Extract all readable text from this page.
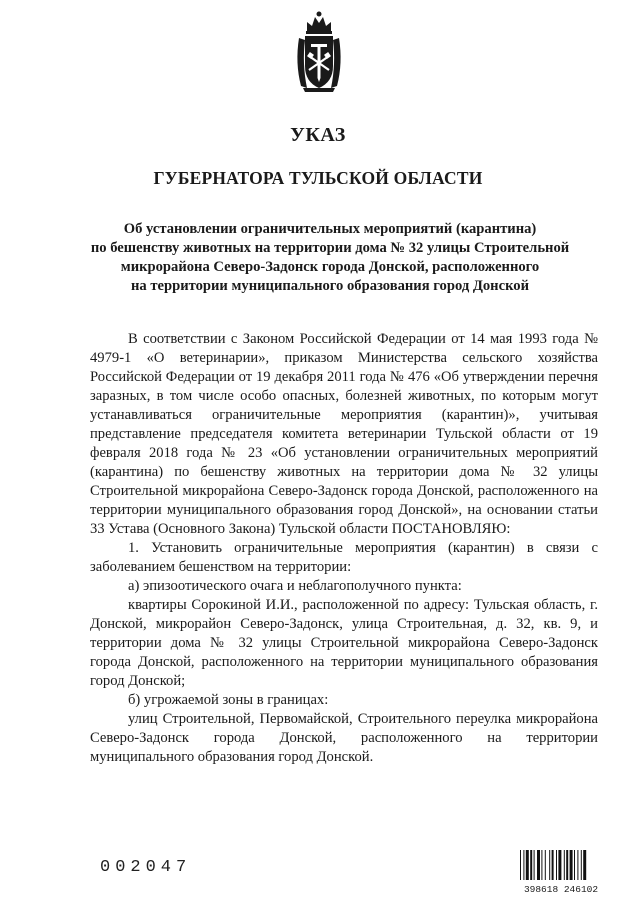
УКАЗ
ГУБЕРНАТОРА ТУЛЬСКОЙ ОБЛАСТИ
Об установлении ограничительных мероприятий (карантина)
по бешенству животных на территории дома № 32 улицы Строительной
микрорайона Северо-Задонск города Донской, расположенного
на территории муниципального образования город Донской

В соответствии с Законом Российской Федерации от 14 мая 1993 года № 4979-1 «О ветеринарии», приказом Министерства сельского хозяйства Российской Федерации от 19 декабря 2011 года № 476 «Об утверждении перечня заразных, в том числе особо опасных, болезней животных, по которым могут устанавливаться ограничительные мероприятия (карантин)», учитывая представление председателя комитета ветеринарии Тульской области от 19 февраля 2018 года № 23 «Об установлении ограничительных мероприятий (карантина) по бешенству животных на территории дома № 32 улицы Строительной микрорайона Северо-Задонск города Донской, расположенного на территории муниципального образования город Донской», на основании статьи 33 Устава (Основного Закона) Тульской области ПОСТАНОВЛЯЮ:

1. Установить ограничительные мероприятия (карантин) в связи с заболеванием бешенством на территории:

а) эпизоотического очага и неблагополучного пункта:

квартиры Сорокиной И.И., расположенной по адресу: Тульская область, г. Донской, микрорайон Северо-Задонск, улица Строительная, д. 32, кв. 9, и территории дома № 32 улицы Строительной микрорайона Северо-Задонск города Донской, расположенного на территории муниципального образования город Донской;

б) угрожаемой зоны в границах:

улиц Строительной, Первомайской, Строительного переулка микрорайона Северо-Задонск города Донской, расположенного на территории муниципального образования город Донской.

002047
398618 246102
